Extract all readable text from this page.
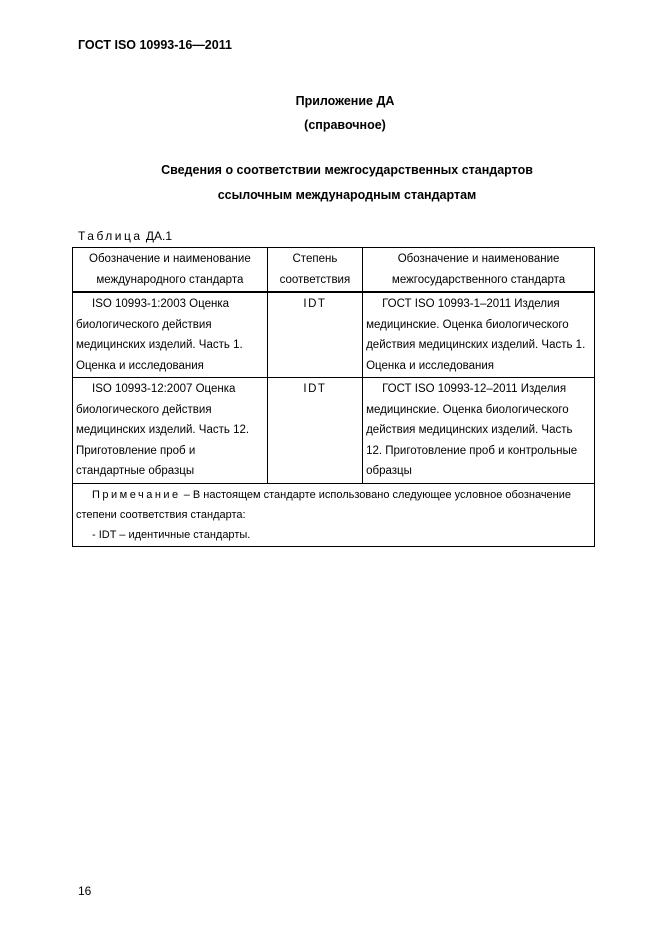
ГОСТ ISO 10993-16—2011
Приложение ДА
(справочное)
Сведения о соответствии межгосударственных стандартов
ссылочным международным стандартам
Таблица ДА.1
Обозначение и наименование международного стандарта	Степень соответствия	Обозначение и наименование межгосударственного стандарта
ISO 10993-1:2003 Оценка биологического действия медицинских изделий. Часть 1. Оценка и исследования	IDT	ГОСТ ISO 10993-1–2011 Изделия медицинские. Оценка биологического действия медицинских изделий. Часть 1. Оценка и исследования
ISO 10993-12:2007 Оценка биологического действия медицинских изделий. Часть 12. Приготовление проб и стандартные образцы	IDT	ГОСТ ISO 10993-12–2011 Изделия медицинские. Оценка биологического действия медицинских изделий. Часть 12. Приготовление проб и контрольные образцы

Примечание – В настоящем стандарте использовано следующее условное обозначение степени соответствия стандарта:
- IDT – идентичные стандарты.		
16
